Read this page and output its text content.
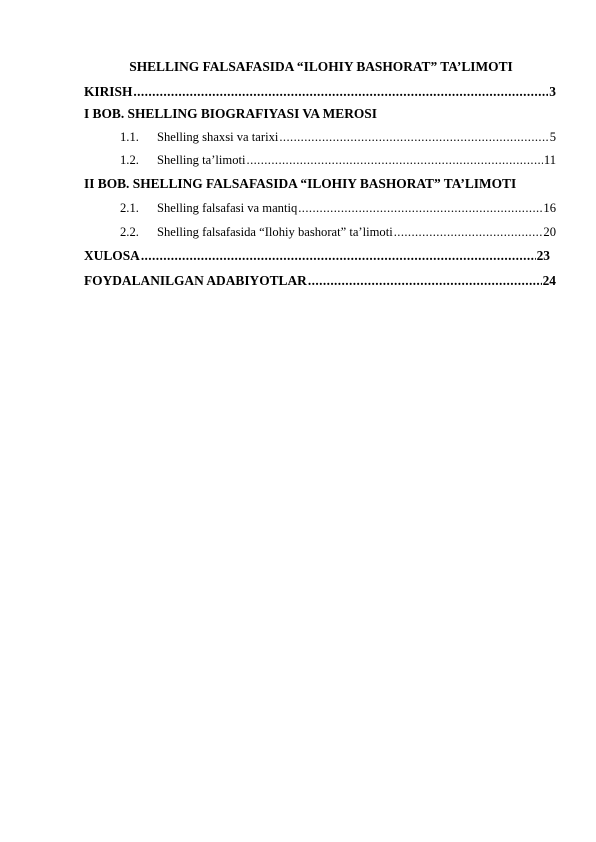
SHELLING FALSAFASIDA “ILOHIY BASHORAT” TA’LIMOTI
KIRISH .....	3
I BOB. SHELLING BIOGRAFIYASI VA MEROSI
1.1.	Shelling shaxsi va tarixi .....	5
1.2.	Shelling ta’limoti .....	11
II BOB. SHELLING FALSAFASIDA “ILOHIY BASHORAT” TA’LIMOTI
2.1.	Shelling falsafasi va mantiq .....	16
2.2.	Shelling falsafasida “Ilohiy bashorat” ta’limoti .....	20
XULOSA .....	23
FOYDALANILGAN ADABIYOTLAR .....	24
